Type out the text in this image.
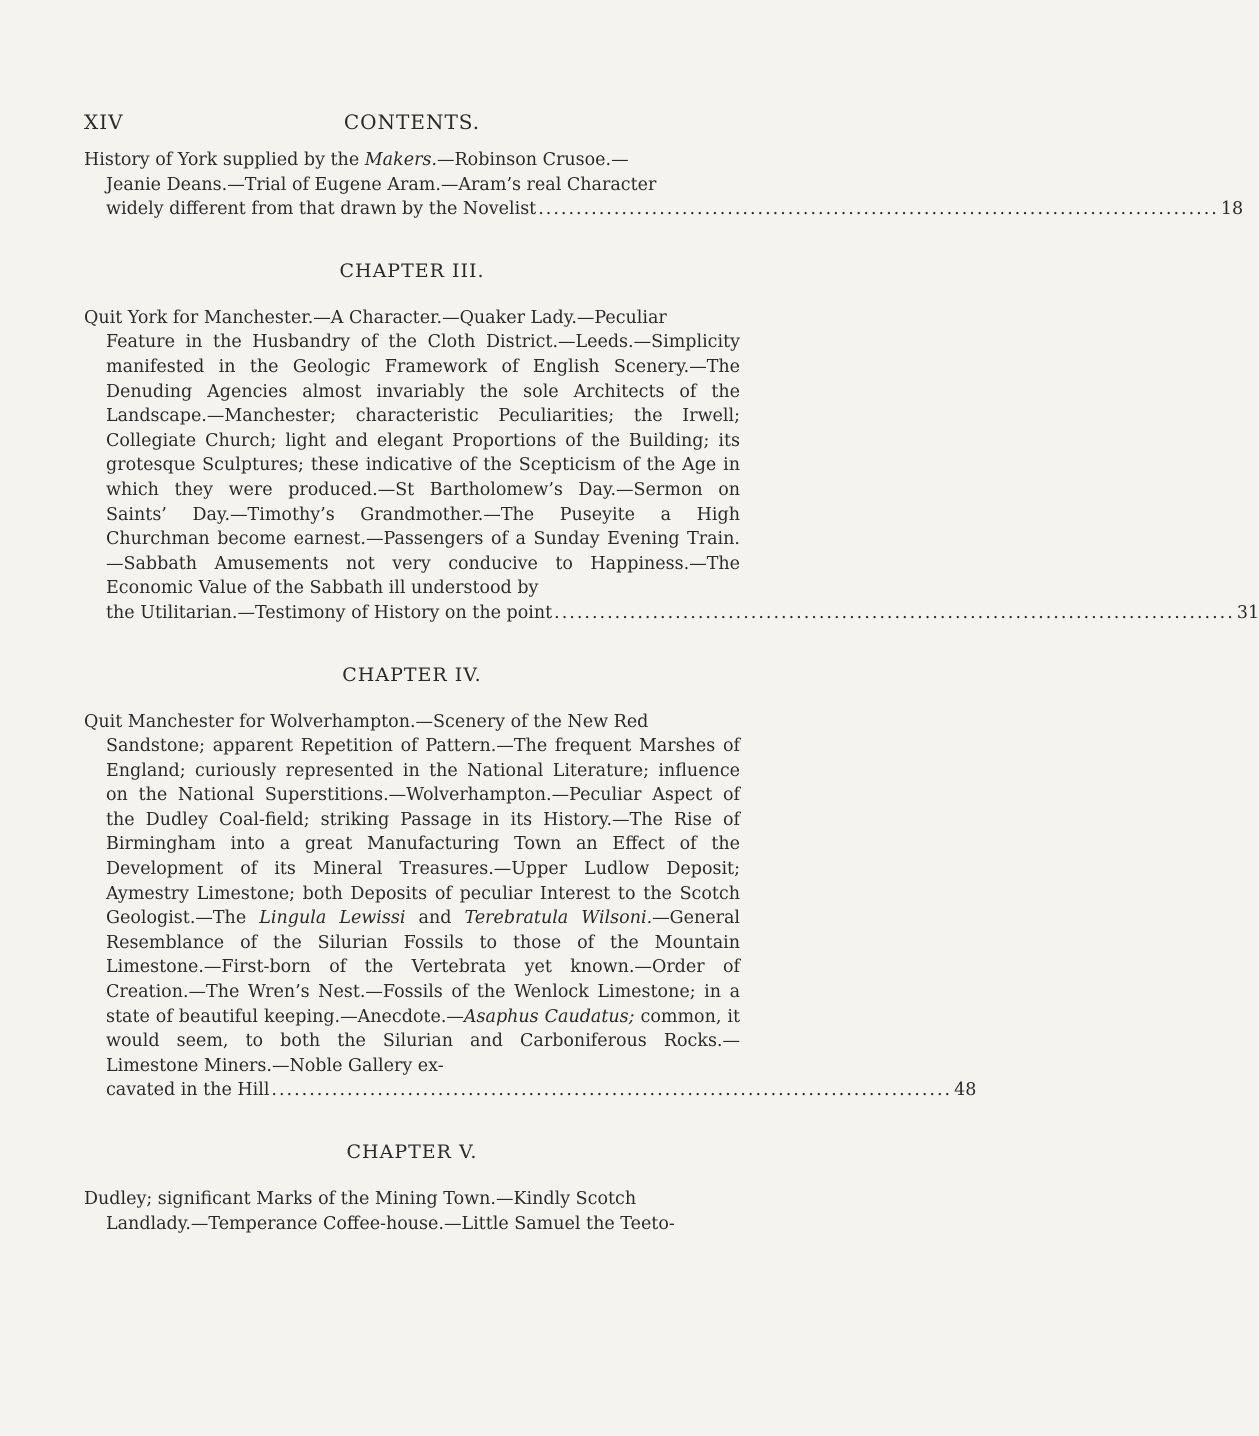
XIV	CONTENTS.

History of York supplied by the Makers.—Robinson Crusoe.—

Jeanie Deans.—Trial of Eugene Aram.—Aram’s real Character

widely different from that drawn by the Novelist .......................................................................................... 18
CHAPTER III.

Quit York for Manchester.—A Character.—Quaker Lady.—Peculiar

Feature in the Husbandry of the Cloth District.—Leeds.—Simplicity manifested in the Geologic Framework of English Scenery.—The Denuding Agencies almost invariably the sole Architects of the Landscape.—Manchester; characteristic Peculiarities; the Irwell; Collegiate Church; light and elegant Proportions of the Building; its grotesque Sculptures; these indicative of the Scepticism of the Age in which they were produced.—St Bartholomew’s Day.—Sermon on Saints’ Day.—Timothy’s Grandmother.—The Puseyite a High Churchman become earnest.—Passengers of a Sunday Evening Train.—Sabbath Amusements not very conducive to Happiness.—The Economic Value of the Sabbath ill understood by

the Utilitarian.—Testimony of History on the point .......................................................................................... 31
CHAPTER IV.

Quit Manchester for Wolverhampton.—Scenery of the New Red

Sandstone; apparent Repetition of Pattern.—The frequent Marshes of England; curiously represented in the National Literature; influence on the National Superstitions.—Wolverhampton.—Peculiar Aspect of the Dudley Coal-field; striking Passage in its History.—The Rise of Birmingham into a great Manufacturing Town an Effect of the Development of its Mineral Treasures.—Upper Ludlow Deposit; Aymestry Limestone; both Deposits of peculiar Interest to the Scotch Geologist.—The Lingula Lewissi and Terebratula Wilsoni.—General Resemblance of the Silurian Fossils to those of the Mountain Limestone.—First-born of the Vertebrata yet known.—Order of Creation.—The Wren’s Nest.—Fossils of the Wenlock Limestone; in a state of beautiful keeping.—Anecdote.—Asaphus Caudatus; common, it would seem, to both the Silurian and Carboniferous Rocks.—Limestone Miners.—Noble Gallery ex-

cavated in the Hill .......................................................................................... 48
CHAPTER V.

Dudley; significant Marks of the Mining Town.—Kindly Scotch

Landlady.—Temperance Coffee-house.—Little Samuel the Teeto-
